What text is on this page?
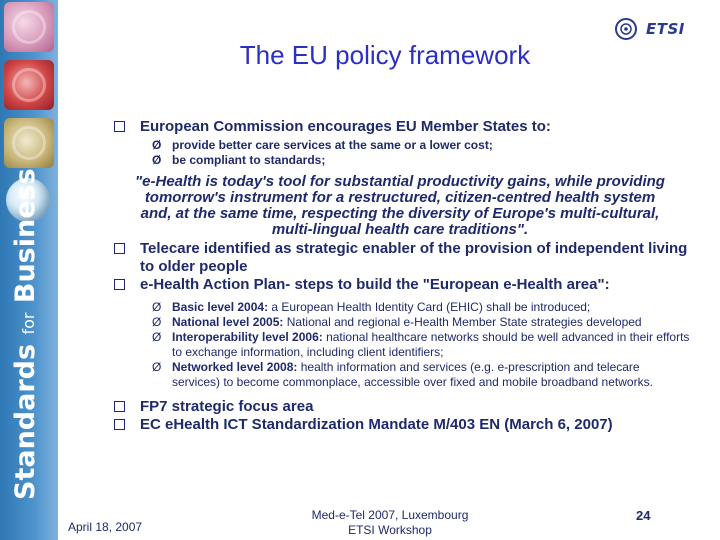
Standards for Business
ETSI
The EU policy framework

European Commission encourages EU Member States to:

Ø provide better care services at the same or a lower cost;

Ø be compliant to standards;

"e‑Health is today's tool for substantial productivity gains, while providing tomorrow's instrument for a restructured, citizen‑centred health system and, at the same time, respecting the diversity of Europe's multi‑cultural, multi‑lingual health care traditions".

Telecare identified as strategic enabler of the provision of independent living to older people

e‑Health Action Plan‑ steps to build the "European e‑Health area":

Ø Basic level 2004: a European Health Identity Card (EHIC) shall be introduced;

Ø National level 2005: National and regional e‑Health Member State strategies developed

Ø Interoperability level 2006: national healthcare networks should be well advanced in their efforts to exchange information, including client identifiers;

Ø Networked level 2008: health information and services (e.g. e‑prescription and telecare services) to become commonplace, accessible over fixed and mobile broadband networks.

FP7 strategic focus area

EC eHealth ICT Standardization Mandate M/403 EN (March 6, 2007)

April 18, 2007
Med-e-Tel 2007, Luxembourg
ETSI Workshop
24
